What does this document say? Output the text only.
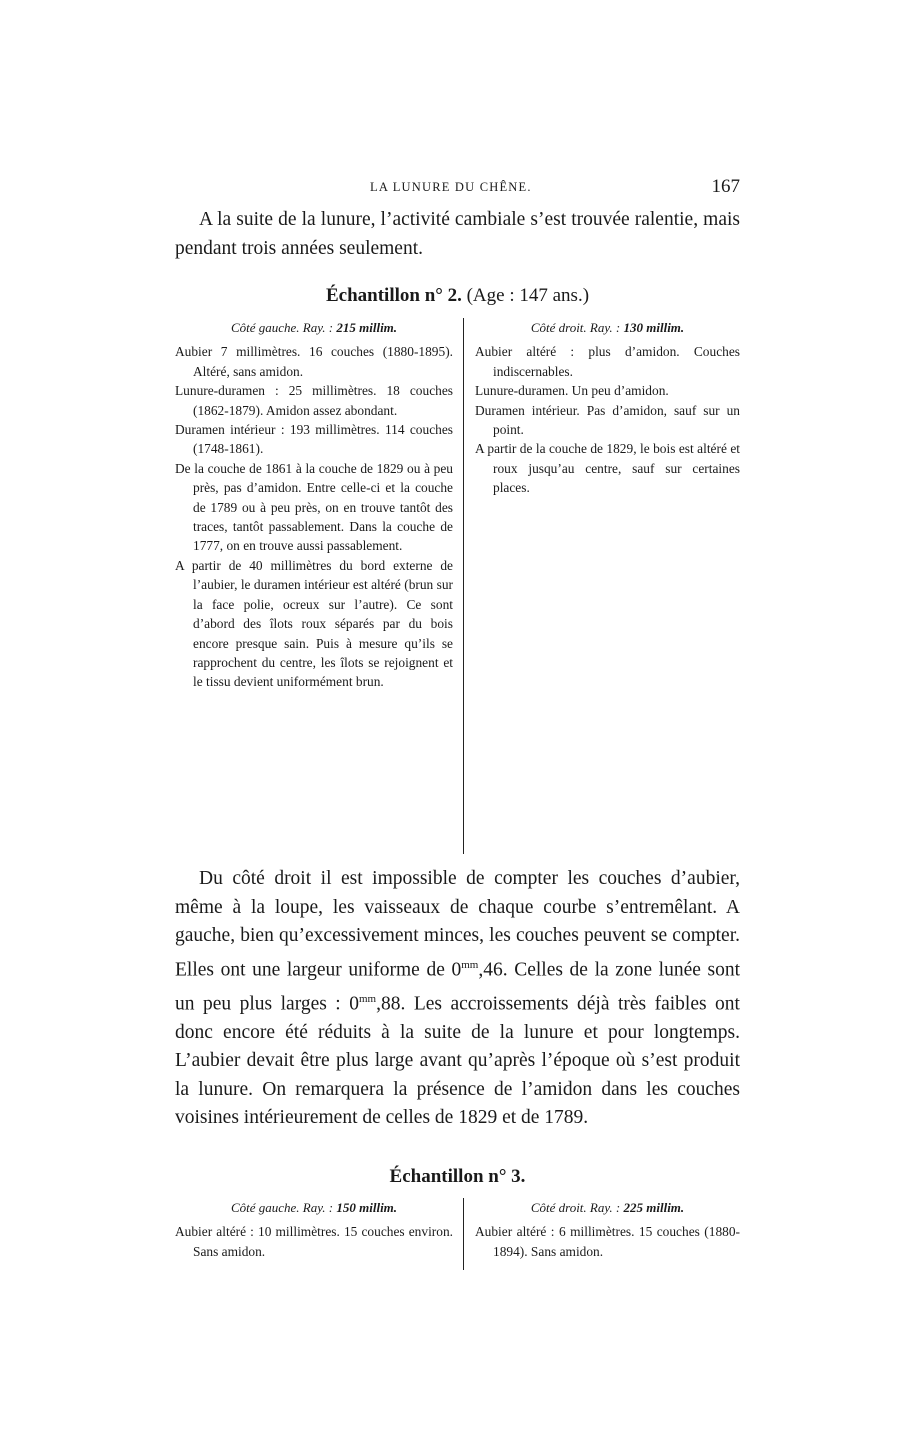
LA LUNURE DU CHÊNE.	167

A la suite de la lunure, l’activité cambiale s’est trouvée ralentie, mais pendant trois années seulement.

Échantillon n° 2. (Age : 147 ans.)
Côté gauche. Ray. : 215 millim.

Aubier 7 millimètres. 16 couches (1880-1895). Altéré, sans amidon.

Lunure-duramen : 25 millimètres. 18 couches (1862-1879). Amidon assez abondant.

Duramen intérieur : 193 millimètres. 114 couches (1748-1861).

De la couche de 1861 à la couche de 1829 ou à peu près, pas d’amidon. Entre celle-ci et la couche de 1789 ou à peu près, on en trouve tantôt des traces, tantôt passablement. Dans la couche de 1777, on en trouve aussi passablement.

A partir de 40 millimètres du bord externe de l’aubier, le duramen intérieur est altéré (brun sur la face polie, ocreux sur l’autre). Ce sont d’abord des îlots roux séparés par du bois encore presque sain. Puis à mesure qu’ils se rapprochent du centre, les îlots se rejoignent et le tissu devient uniformément brun.

Côté droit. Ray. : 130 millim.

Aubier altéré : plus d’amidon. Couches indiscernables.

Lunure-duramen. Un peu d’amidon.

Duramen intérieur. Pas d’amidon, sauf sur un point.

A partir de la couche de 1829, le bois est altéré et roux jusqu’au centre, sauf sur certaines places.

Du côté droit il est impossible de compter les couches d’aubier, même à la loupe, les vaisseaux de chaque courbe s’entremêlant. A gauche, bien qu’excessivement minces, les couches peuvent se compter. Elles ont une largeur uniforme de $0^{mm},46$. Celles de la zone lunée sont un peu plus larges : $0^{mm},88$. Les accroissements déjà très faibles ont donc encore été réduits à la suite de la lunure et pour longtemps. L’aubier devait être plus large avant qu’après l’époque où s’est produit la lunure. On remarquera la présence de l’amidon dans les couches voisines intérieurement de celles de 1829 et de 1789.

Échantillon n° 3.
Côté gauche. Ray. : 150 millim.

Aubier altéré : 10 millimètres. 15 couches environ. Sans amidon.

Côté droit. Ray. : 225 millim.

Aubier altéré : 6 millimètres. 15 couches (1880-1894). Sans amidon.
